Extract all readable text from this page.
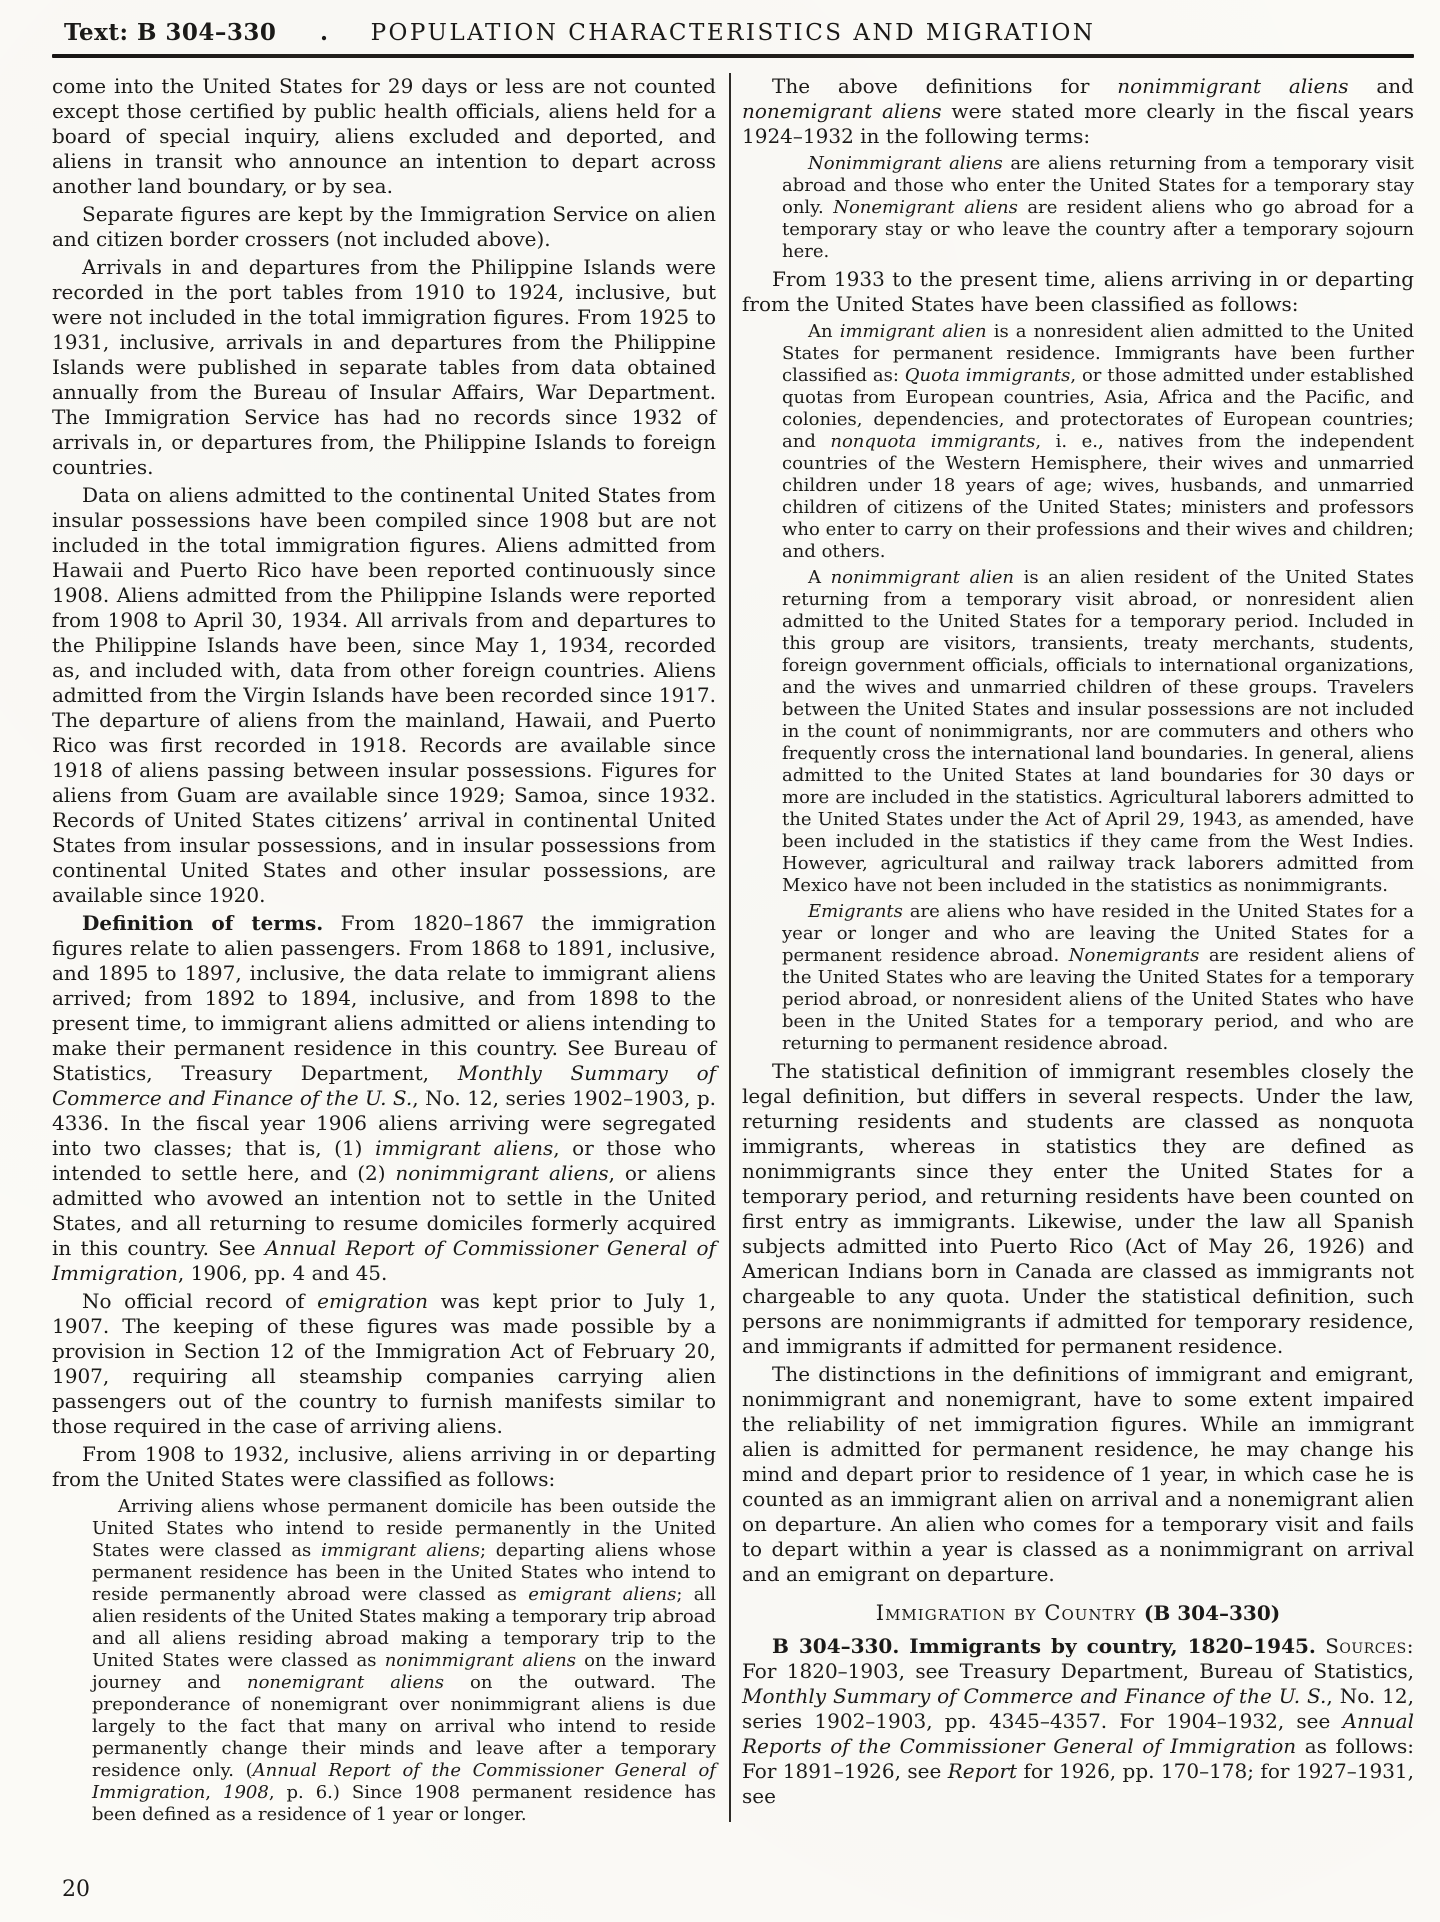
Text: B 304–330 .	POPULATION CHARACTERISTICS AND MIGRATION

come into the United States for 29 days or less are not counted except those certified by public health officials, aliens held for a board of special inquiry, aliens excluded and deported, and aliens in transit who announce an intention to depart across another land boundary, or by sea.

Separate figures are kept by the Immigration Service on alien and citizen border crossers (not included above).

Arrivals in and departures from the Philippine Islands were recorded in the port tables from 1910 to 1924, inclusive, but were not included in the total immigration figures. From 1925 to 1931, inclusive, arrivals in and departures from the Philippine Islands were published in separate tables from data obtained annually from the Bureau of Insular Affairs, War Department. The Immigration Service has had no records since 1932 of arrivals in, or departures from, the Philippine Islands to foreign countries.

Data on aliens admitted to the continental United States from insular possessions have been compiled since 1908 but are not included in the total immigration figures. Aliens admitted from Hawaii and Puerto Rico have been reported continuously since 1908. Aliens admitted from the Philippine Islands were reported from 1908 to April 30, 1934. All arrivals from and departures to the Philippine Islands have been, since May 1, 1934, recorded as, and included with, data from other foreign countries. Aliens admitted from the Virgin Islands have been recorded since 1917. The departure of aliens from the mainland, Hawaii, and Puerto Rico was first recorded in 1918. Records are available since 1918 of aliens passing between insular possessions. Figures for aliens from Guam are available since 1929; Samoa, since 1932. Records of United States citizens’ arrival in continental United States from insular possessions, and in insular possessions from continental United States and other insular possessions, are available since 1920.

Definition of terms. From 1820–1867 the immigration figures relate to alien passengers. From 1868 to 1891, inclusive, and 1895 to 1897, inclusive, the data relate to immigrant aliens arrived; from 1892 to 1894, inclusive, and from 1898 to the present time, to immigrant aliens admitted or aliens intending to make their permanent residence in this country. See Bureau of Statistics, Treasury Department, Monthly Summary of Commerce and Finance of the U. S., No. 12, series 1902–1903, p. 4336. In the fiscal year 1906 aliens arriving were segregated into two classes; that is, (1) immigrant aliens, or those who intended to settle here, and (2) nonimmigrant aliens, or aliens admitted who avowed an intention not to settle in the United States, and all returning to resume domiciles formerly acquired in this country. See Annual Report of Commissioner General of Immigration, 1906, pp. 4 and 45.

No official record of emigration was kept prior to July 1, 1907. The keeping of these figures was made possible by a provision in Section 12 of the Immigration Act of February 20, 1907, requiring all steamship companies carrying alien passengers out of the country to furnish manifests similar to those required in the case of arriving aliens.

From 1908 to 1932, inclusive, aliens arriving in or departing from the United States were classified as follows:

Arriving aliens whose permanent domicile has been outside the United States who intend to reside permanently in the United States were classed as immigrant aliens; departing aliens whose permanent residence has been in the United States who intend to reside permanently abroad were classed as emigrant aliens; all alien residents of the United States making a temporary trip abroad and all aliens residing abroad making a temporary trip to the United States were classed as nonimmigrant aliens on the inward journey and nonemigrant aliens on the outward. The preponderance of nonemigrant over nonimmigrant aliens is due largely to the fact that many on arrival who intend to reside permanently change their minds and leave after a temporary residence only. (Annual Report of the Commissioner General of Immigration, 1908, p. 6.) Since 1908 permanent residence has been defined as a residence of 1 year or longer.

The above definitions for nonimmigrant aliens and nonemigrant aliens were stated more clearly in the fiscal years 1924–1932 in the following terms:

Nonimmigrant aliens are aliens returning from a temporary visit abroad and those who enter the United States for a temporary stay only. Nonemigrant aliens are resident aliens who go abroad for a temporary stay or who leave the country after a temporary sojourn here.

From 1933 to the present time, aliens arriving in or departing from the United States have been classified as follows:

An immigrant alien is a nonresident alien admitted to the United States for permanent residence. Immigrants have been further classified as: Quota immigrants, or those admitted under established quotas from European countries, Asia, Africa and the Pacific, and colonies, dependencies, and protectorates of European countries; and nonquota immigrants, i. e., natives from the independent countries of the Western Hemisphere, their wives and unmarried children under 18 years of age; wives, husbands, and unmarried children of citizens of the United States; ministers and professors who enter to carry on their professions and their wives and children; and others.

A nonimmigrant alien is an alien resident of the United States returning from a temporary visit abroad, or nonresident alien admitted to the United States for a temporary period. Included in this group are visitors, transients, treaty merchants, students, foreign government officials, officials to international organizations, and the wives and unmarried children of these groups. Travelers between the United States and insular possessions are not included in the count of nonimmigrants, nor are commuters and others who frequently cross the international land boundaries. In general, aliens admitted to the United States at land boundaries for 30 days or more are included in the statistics. Agricultural laborers admitted to the United States under the Act of April 29, 1943, as amended, have been included in the statistics if they came from the West Indies. However, agricultural and railway track laborers admitted from Mexico have not been included in the statistics as nonimmigrants.

Emigrants are aliens who have resided in the United States for a year or longer and who are leaving the United States for a permanent residence abroad. Nonemigrants are resident aliens of the United States who are leaving the United States for a temporary period abroad, or nonresident aliens of the United States who have been in the United States for a temporary period, and who are returning to permanent residence abroad.

The statistical definition of immigrant resembles closely the legal definition, but differs in several respects. Under the law, returning residents and students are classed as nonquota immigrants, whereas in statistics they are defined as nonimmigrants since they enter the United States for a temporary period, and returning residents have been counted on first entry as immigrants. Likewise, under the law all Spanish subjects admitted into Puerto Rico (Act of May 26, 1926) and American Indians born in Canada are classed as immigrants not chargeable to any quota. Under the statistical definition, such persons are nonimmigrants if admitted for temporary residence, and immigrants if admitted for permanent residence.

The distinctions in the definitions of immigrant and emigrant, nonimmigrant and nonemigrant, have to some extent impaired the reliability of net immigration figures. While an immigrant alien is admitted for permanent residence, he may change his mind and depart prior to residence of 1 year, in which case he is counted as an immigrant alien on arrival and a nonemigrant alien on departure. An alien who comes for a temporary visit and fails to depart within a year is classed as a nonimmigrant on arrival and an emigrant on departure.

Immigration by Country (B 304–330)

B 304–330. Immigrants by country, 1820–1945. Sources: For 1820–1903, see Treasury Department, Bureau of Statistics, Monthly Summary of Commerce and Finance of the U. S., No. 12, series 1902–1903, pp. 4345–4357. For 1904–1932, see Annual Reports of the Commissioner General of Immigration as follows: For 1891–1926, see Report for 1926, pp. 170–178; for 1927–1931, see

20
